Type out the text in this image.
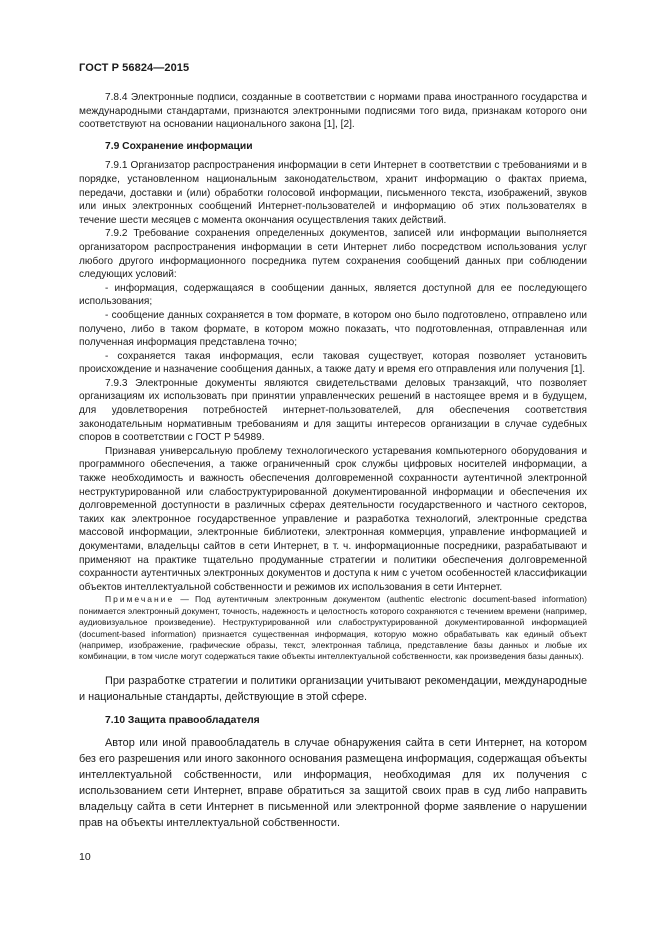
ГОСТ Р 56824—2015

7.8.4 Электронные подписи, созданные в соответствии с нормами права иностранного государства и международными стандартами, признаются электронными подписями того вида, признакам которого они соответствуют на основании национального закона [1], [2].

7.9 Сохранение информации

7.9.1 Организатор распространения информации в сети Интернет в соответствии с требованиями и в порядке, установленном национальным законодательством, хранит информацию о фактах приема, передачи, доставки и (или) обработки голосовой информации, письменного текста, изображений, звуков или иных электронных сообщений Интернет-пользователей и информацию об этих пользователях в течение шести месяцев с момента окончания осуществления таких действий.

7.9.2 Требование сохранения определенных документов, записей или информации выполняется организатором распространения информации в сети Интернет либо посредством использования услуг любого другого информационного посредника путем сохранения сообщений данных при соблюдении следующих условий:

- информация, содержащаяся в сообщении данных, является доступной для ее последующего использования;

- сообщение данных сохраняется в том формате, в котором оно было подготовлено, отправлено или получено, либо в таком формате, в котором можно показать, что подготовленная, отправленная или полученная информация представлена точно;

- сохраняется такая информация, если таковая существует, которая позволяет установить происхождение и назначение сообщения данных, а также дату и время его отправления или получения [1].

7.9.3 Электронные документы являются свидетельствами деловых транзакций, что позволяет организациям их использовать при принятии управленческих решений в настоящее время и в будущем, для удовлетворения потребностей интернет-пользователей, для обеспечения соответствия законодательным нормативным требованиям и для защиты интересов организации в случае судебных споров в соответствии с ГОСТ Р 54989.

Признавая универсальную проблему технологического устаревания компьютерного оборудования и программного обеспечения, а также ограниченный срок службы цифровых носителей информации, а также необходимость и важность обеспечения долговременной сохранности аутентичной электронной неструктурированной или слабоструктурированной документированной информации и обеспечения их долговременной доступности в различных сферах деятельности государственного и частного секторов, таких как электронное государственное управление и разработка технологий, электронные средства массовой информации, электронные библиотеки, электронная коммерция, управление информацией и документами, владельцы сайтов в сети Интернет, в т. ч. информационные посредники, разрабатывают и применяют на практике тщательно продуманные стратегии и политики обеспечения долговременной сохранности аутентичных электронных документов и доступа к ним с учетом особенностей классификации объектов интеллектуальной собственности и режимов их использования в сети Интернет.

Примечание — Под аутентичным электронным документом (authentic electronic document-based information) понимается электронный документ, точность, надежность и целостность которого сохраняются с течением времени (например, аудиовизуальное произведение). Неструктурированной или слабоструктурированной документированной информацией (document-based information) признается существенная информация, которую можно обрабатывать как единый объект (например, изображение, графические образы, текст, электронная таблица, представление базы данных и любые их комбинации, в том числе могут содержаться такие объекты интеллектуальной собственности, как произведения базы данных).

При разработке стратегии и политики организации учитывают рекомендации, международные и национальные стандарты, действующие в этой сфере.

7.10 Защита правообладателя

Автор или иной правообладатель в случае обнаружения сайта в сети Интернет, на котором без его разрешения или иного законного основания размещена информация, содержащая объекты интеллектуальной собственности, или информация, необходимая для их получения с использованием сети Интернет, вправе обратиться за защитой своих прав в суд либо направить владельцу сайта в сети Интернет в письменной или электронной форме заявление о нарушении прав на объекты интеллектуальной собственности.

10
